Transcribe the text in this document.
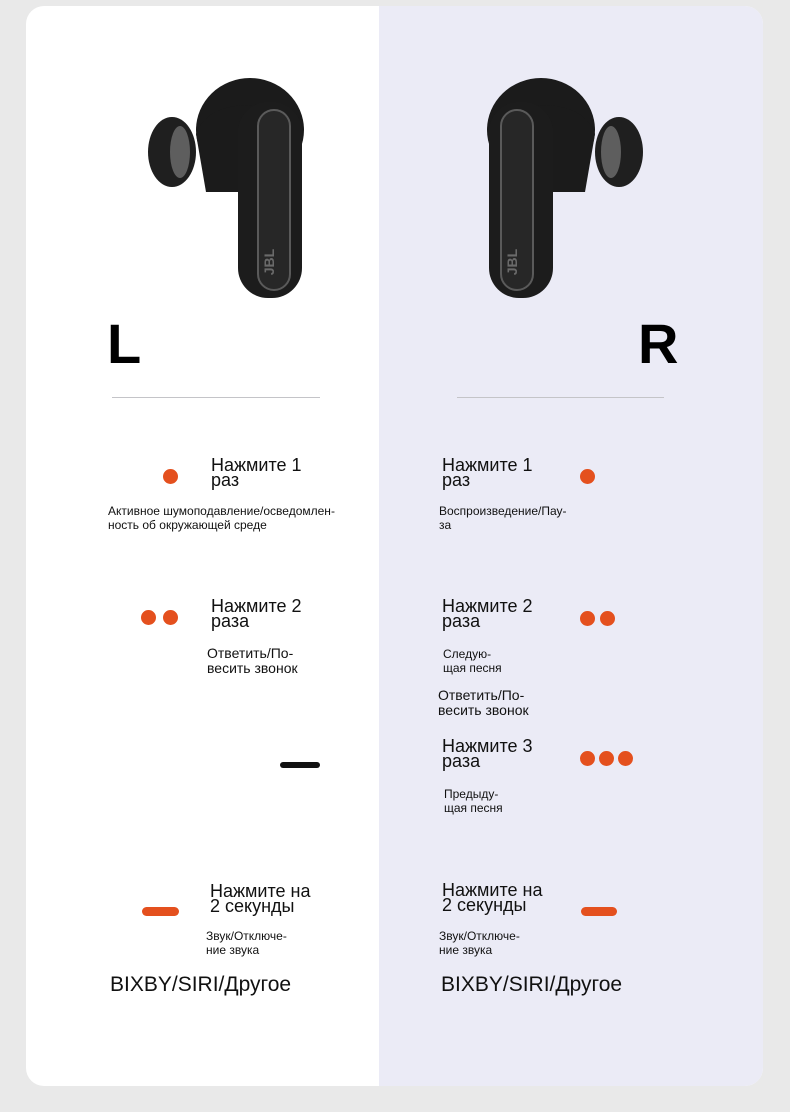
JBL	JBL
L	R
Нажмите 1
раз
Активное шумоподавление/осведомлен-
ность об окружающей среде
Нажмите 1
раз
Воспроизведение/Пау-
за
Нажмите 2
раза
Ответить/По-
весить звонок
Нажмите 2
раза
Следую-
щая песня
Ответить/По-
весить звонок
Нажмите 3
раза
Предыду-
щая песня
Нажмите на
2 секунды
Звук/Отключе-
ние звука
BIXBY/SIRI/Другое
Нажмите на
2 секунды
Звук/Отключе-
ние звука
BIXBY/SIRI/Другое
